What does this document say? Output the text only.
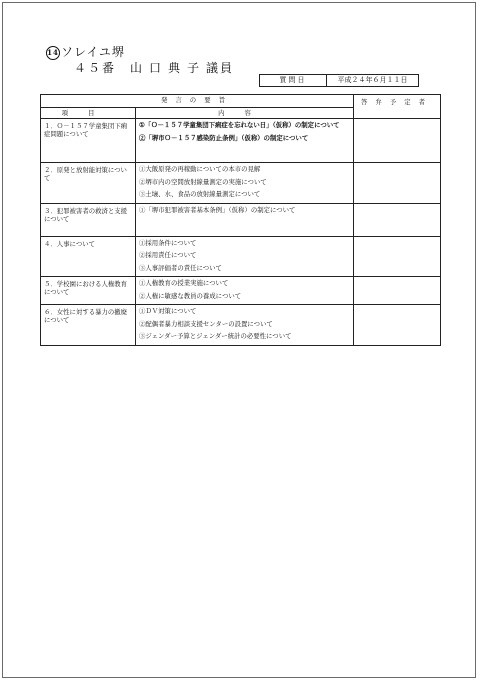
14 ソレイユ堺
４５番 山口典子議員
質問日	平成２４年６月１１日
発言の要旨		答弁予定者
項目	内容	
１．Ｏ－１５７学童集団下痢症問題について	①「Ｏ－１５７学童集団下痢症を忘れない日」（仮称）の制定について
②「堺市Ｏ－１５７感染防止条例」（仮称）の制定について	

２．原発と放射能対策について	①大飯原発の再稼動についての本市の見解
②堺市内の空間放射線量測定の実施について
③土壌、水、食品の放射線量測定について	

３．犯罪被害者の救済と支援について	①「堺市犯罪被害者基本条例」（仮称）の制定について	

４．人事について	①採用条件について
②採用責任について
③人事評価者の責任について	

５．学校園における人権教育について	①人権教育の授業実施について
②人権に敏感な教員の養成について	

６．女性に対する暴力の撤廃について	①ＤＶ対策について
②配偶者暴力相談支援センターの設置について
③ジェンダー予算とジェンダー統計の必要性について	
